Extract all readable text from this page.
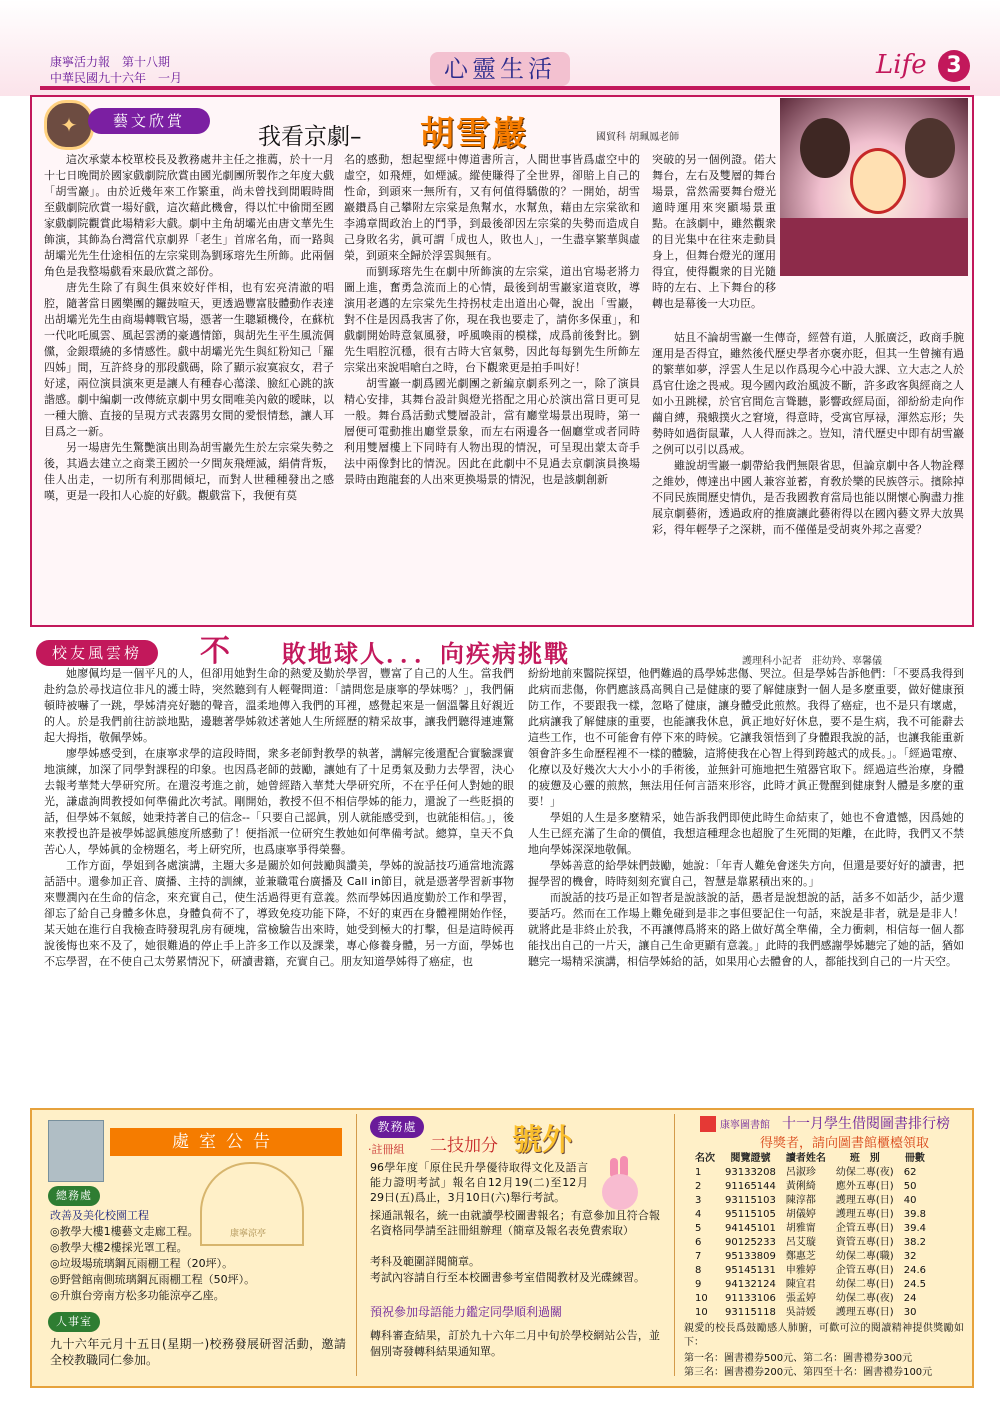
康寧活力報　第十八期
中華民國九十六年　一月	心靈生活	Life 3
✦	藝文欣賞
我看京劇– 胡雪巖	國貿科 胡珮鳳老師

這次承蒙本校單校長及教務處井主任之推薦，於十一月十七日晚間於國家戲劇院欣賞由國光劇團所製作之年度大戲「胡雪巖」。由於近幾年來工作繁重，尚未曾找到閒暇時間至戲劇院欣賞一場好戲，這次藉此機會，得以忙中偷閒至國家戲劇院觀賞此場精彩大戲。劇中主角胡壩光由唐文華先生飾演，其飾為台灣當代京劇界「老生」首席名角，而一路與胡壩光先生仕途相伍的左宗棠則為劉琢瑢先生所飾。此兩個角色是我整場戲看來最欣賞之部份。

唐先生除了有與生俱來姣好伴相，也有宏亮清澈的唱腔，隨著當日國樂團的鑼鼓喧天，更透過豐富肢體動作表達出胡壩光先生由商場轉戰官場，憑著一生聰穎機伶，在蘇杭一代叱吒風雲、風起雲湧的豪邁情節，與胡先生平生風流倜儻，金銀環繞的多情感性。戲中胡壩光先生與紅粉知己「羅四姊」間，互許終身的那段戲碼，除了顯示寂寞寂女，君子好逑，兩位演員演來更是讓人有種春心蕩漾、臉紅心跳的詼諧感。劇中編劇一改傳統京劇中男女間唯美內斂的曖昧，以一種大膽、直接的呈現方式表露男女間的愛恨情愁，讓人耳目爲之一新。

另一場唐先生驚艷演出則為胡雪巖先生於左宗棠失勢之後，其過去建立之商業王國於一夕間灰飛煙滅，絹倩背叛，佳人出走，一切所有利那間傾圮，而對人世種種發出之感嘆，更是一段扣人心旋的好戲。觀戲當下，我便有莫

名的感動，想起聖經中傳道書所言，人間世事皆爲虛空中的虛空，如飛煙，如煙滅。縱使賺得了全世界，卻賠上自己的性命，到頭來一無所有，又有何值得驕傲的？一開始，胡雪巖鑽爲自己攀附左宗棠是魚幫水，水幫魚，藉由左宗棠欲和李鴻章間政治上的鬥爭，到最後卻因左宗棠的失勢而造成自己身敗名劣，眞可謂「成也人，敗也人」，一生盡享繁華與虛榮，到頭來全歸於浮雲與無有。

而劉琢瑢先生在劇中所飾演的左宗棠，道出官場老將力圖上進，奮勇急流而上的心情，最後到胡雪巖家道衰敗，導演用老邁的左宗棠先生持拐杖走出道出心聲，說出「雪巖，對不住是因爲我害了你，現在我也要走了，請你多保重」，和戲劇開始時意氣風發，呼風喚雨的模樣，成爲前後對比。劉先生唱腔沉穩，很有古時大官氣勢，因此每每劉先生所飾左宗棠出來說唱嗆白之時，台下觀衆更是拍手叫好！

胡雪巖一劇爲國光劇團之新編京劇系列之一，除了演員精心安排，其舞台設計與燈光搭配之用心於演出當日更可見一般。舞台爲活動式雙層設計，當有廳堂場景出現時，第一層便可電動推出廳堂景象，而左右兩邊各一個廳堂或者同時利用雙層樓上下同時有人物出現的情況，可呈現出蒙太奇手法中兩像對比的情況。因此在此劇中不見過去京劇演員換場景時由跑龍套的人出來更換場景的情況，也是該劇創新

突破的另一個例證。偌大舞台，左右及雙層的舞台場景，當然需要舞台燈光適時運用來突顯場景重點。在該劇中，雖然觀衆的目光集中在往來走動員身上，但舞台燈光的運用得宜，使得觀衆的目光隨時的左右、上下舞台的移轉也是幕後一大功臣。

姑且不論胡雪巖一生傳奇，經營有道，人脈廣泛，政商手腕運用是否得宜，雖然後代歷史學者亦褒亦貶，但其一生曾擁有過的繁華如夢，浮雲人生足以作爲現今心中設大課、立大志之人於爲官仕途之畏戒。現今國內政治風波不斷，許多政客與經商之人如小丑跳樑，於官官間危言聳聽，影響政經局面，卻紛紛走向作繭自縛，飛蛾撲火之窘境，得意時，受寓官厚禄，渾然忘形；失勢時如過街鼠輩，人人得而誅之。豈知，清代歷史中即有胡雪巖之例可以引以爲戒。

雖說胡雪巖一劇帶給我們無限省思，但論京劇中各人物詮釋之維妙，傳達出中國人兼容並蓄，育敎於樂的民族啓示。擯除掉不同民族間歷史情仇，是否我國教育當局也能以開懷心胸盡力推展京劇藝術，透過政府的推廣讓此藝術得以在國內藝文界大放異彩，得年輕學子之深耕，而不僅僅是受胡爽外邦之喜愛？

校友風雲榜	不 敗地球人．．．向疾病挑戰	護理科小記者　莊幼羚、辜馨儀

她廖佩均是一個平凡的人，但卻用她對生命的熱愛及勤於學習，豐富了自己的人生。當我們赴約急於尋找這位非凡的護士時，突然聽到有人輕聲問道：「請問您是康寧的學妹嗎？」，我們倆頓時被嚇了一跳，學姊清亮好聽的聲音，溫柔地傳入我們的耳裡，感覺起來是一個溫馨且好親近的人。於是我們前往訪談地點，邊聽著學姊敘述著她人生所經歷的精采故事，讓我們聽得連連驚起大拇指，敬佩學姊。

廖學姊感受到，在康寧求學的這段時間，衆多老師對教學的執著，講解完後還配合實驗課實地演練，加深了同學對課程的印象。也因爲老師的鼓勵，讓她有了十足勇氣及動力去學習，決心去報考華梵大學研究所。在還沒考進之前，她曾經踏入華梵大學研究所，不在乎任何人對她的眼光，謙虛詢問教授如何準備此次考試。剛開始，教授不但不相信學姊的能力，還說了一些貶損的話，但學姊不氣餒，她秉持著自己的信念--「只要自己認眞，別人就能感受到，也就能相信。」，後來教授也許是被學姊認眞態度所感動了！便指派一位研究生教她如何準備考試。總算，皇天不負苦心人，學姊眞的金榜題名，考上研究所，也爲康寧爭得榮譽。

工作方面，學姐到各處演講，主題大多是關於如何鼓勵與讚美，學姊的說話技巧通當地流露話語中。還參加正音、廣播、主持的訓練，並兼職電台廣播及 Call in節目，就是憑著學習新事物來豐潤內在生命的信念，來充實自己，使生活過得更有意義。然而學姊因過度勤於工作和學習，卻忘了給自己身體多休息，身體負荷不了，導致免疫功能下降，不好的東西在身體裡開始作怪，某天她在進行自我檢查時發現乳房有硬塊，當檢驗告出來時，她受到極大的打擊，但是這時候再說後悔也來不及了，她很難過的停止手上許多工作以及課業，專心修養身體，另一方面，學姊也不忘學習，在不使自己太勞累情況下，研讀書籍，充實自己。朋友知道學姊得了癌症，也

紛紛地前來醫院探望，他們難過的爲學姊悲傷、哭泣。但是學姊告訴他們：「不要爲我得到此病而悲傷，你們應該爲高興自己是健康的要了解健康對一個人是多麼重要，做好健康預防工作，不要跟我一樣，忽略了健康，讓身體受此煎熬。我得了癌症，也不是只有壞處，此病讓我了解健康的重要，也能讓我休息，眞正地好好休息，要不是生病，我不可能辭去這些工作，也不可能會有停下來的時候。它讓我領悟到了身體跟我說的話，也讓我能重新領會許多生命歷程裡不一樣的體驗，這將使我在心智上得到跨越式的成長。」。「經過電療、化療以及好幾次大大小小的手術後，並無針可施地把生殖器官取下。經過這些治療，身體的疲憊及心靈的煎熬，無法用任何言語來形容，此時才眞正覺醒到健康對人體是多麼的重要！」

學姐的人生是多麼精采，她告訴我們即使此時生命結束了，她也不會遺憾，因爲她的人生已經充滿了生命的價值，我想這種理念也超脫了生死間的矩離，在此時，我們又不禁地向學姊深深地敬佩。

學姊善意的給學妹們鼓勵，她說：「年青人難免會迷失方向，但還是要好好的讀書，把握學習的機會，時時刻刻充實自己，智慧是靠累積出來的。」

而說話的技巧是正如智者是說該說的話，愚者是說想說的話，話多不如話少，話少還要話巧。然而在工作場上難免碰到是非之事但要記住一句話，來說是非者，就是是非人！就將此是非終止於我，不再讓傳爲將來的路上做好萬全準備，全力衝刺，相信每一個人都能找出自己的一片天，讓自己生命更顯有意義。」此時的我們感謝學姊聽完了她的話，猶如聽完一場精采演講，相信學姊給的話，如果用心去體會的人，都能找到自己的一片天空。

處室公告
康寧涼亭
總務處
改善及美化校園工程
◎教學大樓1樓藝文走廊工程。
◎教學大樓2樓採光罩工程。
◎垃圾場琉璃鋼瓦雨棚工程（20坪）。
◎野營館南側琉璃鋼瓦雨棚工程（50坪）。
◎升旗台旁南方松多功能涼亭乙座。
人事室
九十六年元月十五日(星期一)校務發展研習活動，邀請全校教職同仁參加。
教務處
‧註冊組 二技加分 號外
96學年度「原住民升學優待取得文化及語言能力證明考試」報名自12月19(二)至12月29日(五)爲止，3月10日(六)舉行考試。
採通訊報名，統一由就讀學校圖書報名；有意參加且符合報名資格同學請至註冊組辦理（簡章及報名表免費索取）
考科及範圍詳閱簡章。
考試內容請自行至本校圖書參考室借閱教材及光碟練習。
預祝參加母語能力鑑定同學順利過關
轉科審查結果，訂於九十六年二月中旬於學校網站公告，並個別寄發轉科結果通知單。
康寧圖書館 十一月學生借閱圖書排行榜
得獎者，請向圖書館櫃檯領取
名次	閱覽證號	讀者姓名	班　別	冊數
1	93133208	呂淑珍	幼保二專(夜)	62
2	91165144	黃俐綺	應外五專(日)	50
3	93115103	陳淳都	護理五專(日)	40
4	95115105	胡儀婷	護理五專(日)	39.8
5	94145101	胡雅甯	企管五專(日)	39.4
6	90125233	呂艾璇	資管五專(日)	38.2
7	95133809	鄭惠芝	幼保二專(職)	32
8	95145131	申雅婷	企管五專(日)	24.6
9	94132124	陳宜君	幼保二專(日)	24.5
10	91133106	張孟婷	幼保二專(夜)	24
10	93115118	吳詩媛	護理五專(日)	30
親愛的校長爲鼓勵感人肺腑，可歡可泣的閱讀精神提供獎勵如下：
第一名：圖書禮券500元、第二名：圖書禮券300元
第三名：圖書禮券200元、第四至十名：圖書禮券100元
